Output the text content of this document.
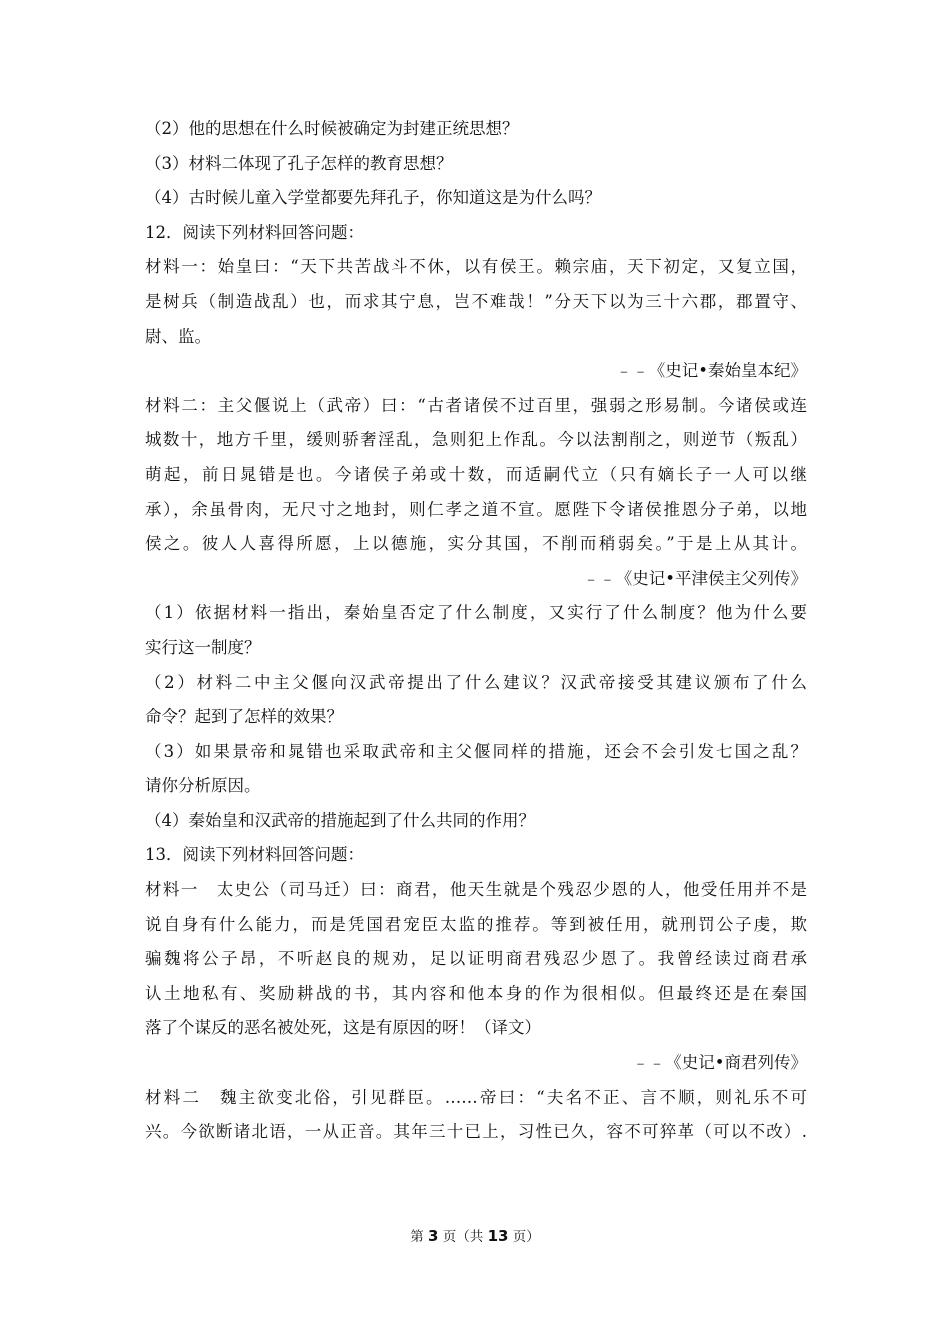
（2）他的思想在什么时候被确定为封建正统思想？
（3）材料二体现了孔子怎样的教育思想？
（4）古时候儿童入学堂都要先拜孔子，你知道这是为什么吗？
12．阅读下列材料回答问题：
材料一：始皇曰：“天下共苦战斗不休，以有侯王。赖宗庙，天下初定，又复立国，
是树兵（制造战乱）也，而求其宁息，岂不难哉！”分天下以为三十六郡，郡置守、
尉、监。
﹣﹣《史记•秦始皇本纪》
材料二：主父偃说上（武帝）曰：“古者诸侯不过百里，强弱之形易制。今诸侯或连
城数十，地方千里，缓则骄奢淫乱，急则犯上作乱。今以法割削之，则逆节（叛乱）
萌起，前日晁错是也。今诸侯子弟或十数，而适嗣代立（只有嫡长子一人可以继
承），余虽骨肉，无尺寸之地封，则仁孝之道不宣。愿陛下令诸侯推恩分子弟，以地
侯之。彼人人喜得所愿，上以德施，实分其国，不削而稍弱矣。”于是上从其计。
﹣﹣《史记•平津侯主父列传》
（1）依据材料一指出，秦始皇否定了什么制度，又实行了什么制度？他为什么要
实行这一制度？
（2）材料二中主父偃向汉武帝提出了什么建议？汉武帝接受其建议颁布了什么
命令？起到了怎样的效果？
（3）如果景帝和晁错也采取武帝和主父偃同样的措施，还会不会引发七国之乱？
请你分析原因。
（4）秦始皇和汉武帝的措施起到了什么共同的作用？
13．阅读下列材料回答问题：
材料一　太史公（司马迁）曰：商君，他天生就是个残忍少恩的人，他受任用并不是
说自身有什么能力，而是凭国君宠臣太监的推荐。等到被任用，就刑罚公子虔，欺
骗魏将公子昂，不听赵良的规劝，足以证明商君残忍少恩了。我曾经读过商君承
认土地私有、奖励耕战的书，其内容和他本身的作为很相似。但最终还是在秦国
落了个谋反的恶名被处死，这是有原因的呀！（译文）
﹣﹣《史记•商君列传》
材料二　魏主欲变北俗，引见群臣。……帝曰：“夫名不正、言不顺，则礼乐不可
兴。今欲断诸北语，一从正音。其年三十已上，习性已久，容不可猝革（可以不改）.
第 3 页（共 13 页）
